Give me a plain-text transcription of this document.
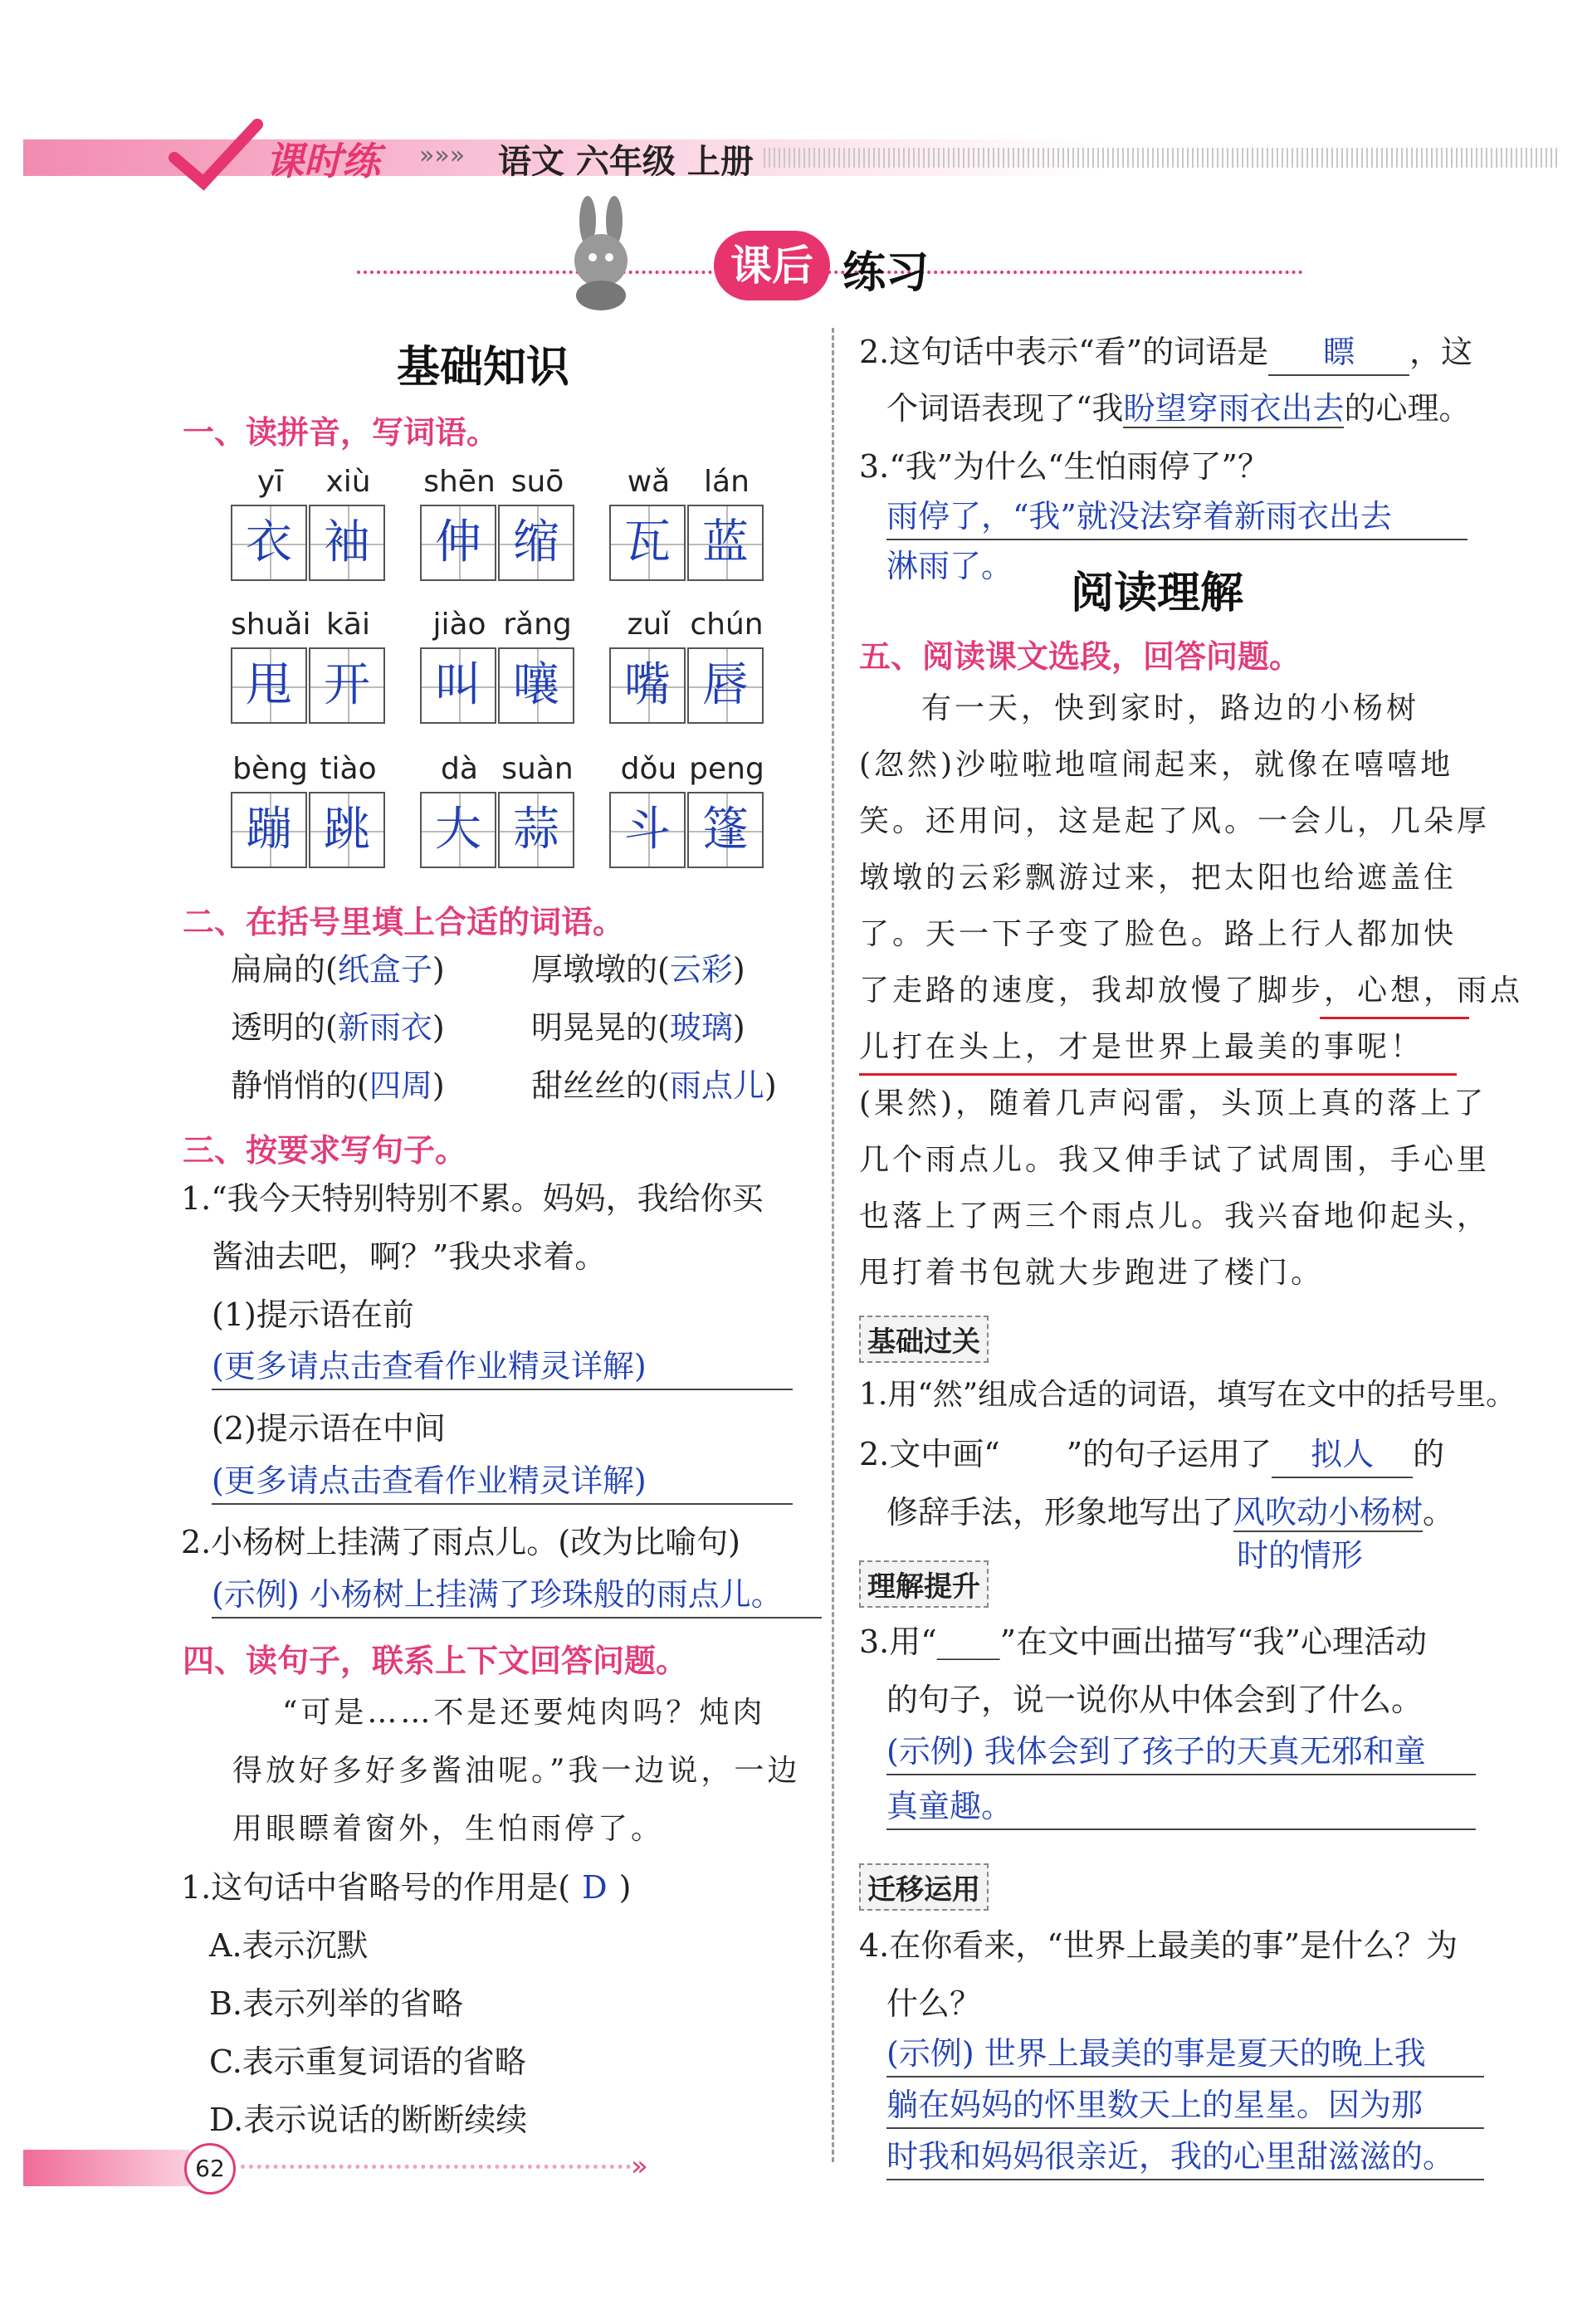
课时练 »»» 语文 六年级 上册
课后 练习
基础知识
一、读拼音，写词语。
yī	xiù
衣 袖
shēn suō
伸 缩
wǎ	lán
瓦 蓝
shuǎi kāi
甩 开
jiào rǎng
叫 嚷
zuǐ chún
嘴 唇
bèng tiào
蹦 跳
dà suàn
大 蒜
dǒu peng
斗 篷
二、在括号里填上合适的词语。
扁扁的(纸盒子)	厚墩墩的(云彩)
透明的(新雨衣)	明晃晃的(玻璃)
静悄悄的(四周)	甜丝丝的(雨点儿)
三、按要求写句子。
1.“我今天特别特别不累。妈妈，我给你买
酱油去吧，啊？”我央求着。
(1)提示语在前
(更多请点击查看作业精灵详解)
(2)提示语在中间
(更多请点击查看作业精灵详解)
2.小杨树上挂满了雨点儿。(改为比喻句)
(示例) 小杨树上挂满了珍珠般的雨点儿。
四、读句子，联系上下文回答问题。
“可是……不是还要炖肉吗？炖肉
得放好多好多酱油呢。”我一边说，一边
用眼瞟着窗外，生怕雨停了。
1.这句话中省略号的作用是( D )
A.表示沉默
B.表示列举的省略
C.表示重复词语的省略
D.表示说话的断断续续
2.这句话中表示“看”的词语是 瞟 ，这
个词语表现了“我盼望穿雨衣出去的心理。
3.“我”为什么“生怕雨停了”？
雨停了，“我”就没法穿着新雨衣出去
淋雨了。
阅读理解
五、阅读课文选段，回答问题。
有一天，快到家时，路边的小杨树
(忽然)沙啦啦地喧闹起来，就像在嘻嘻地
笑。还用问，这是起了风。一会儿，几朵厚
墩墩的云彩飘游过来，把太阳也给遮盖住
了。天一下子变了脸色。路上行人都加快
了走路的速度，我却放慢了脚步，心想，雨点
儿打在头上，才是世界上最美的事呢！
(果然)，随着几声闷雷，头顶上真的落上了
几个雨点儿。我又伸手试了试周围，手心里
也落上了两三个雨点儿。我兴奋地仰起头，
甩打着书包就大步跑进了楼门。
基础过关
1.用“然”组成合适的词语，填写在文中的括号里。
2.文中画“ ”的句子运用了 拟人 的
修辞手法，形象地写出了风吹动小杨树。
时的情形
理解提升
3.用“____”在文中画出描写“我”心理活动
的句子，说一说你从中体会到了什么。
(示例) 我体会到了孩子的天真无邪和童
真童趣。
迁移运用
4.在你看来，“世界上最美的事”是什么？为
什么？
(示例) 世界上最美的事是夏天的晚上我
躺在妈妈的怀里数天上的星星。因为那
时我和妈妈很亲近，我的心里甜滋滋的。
62	»
